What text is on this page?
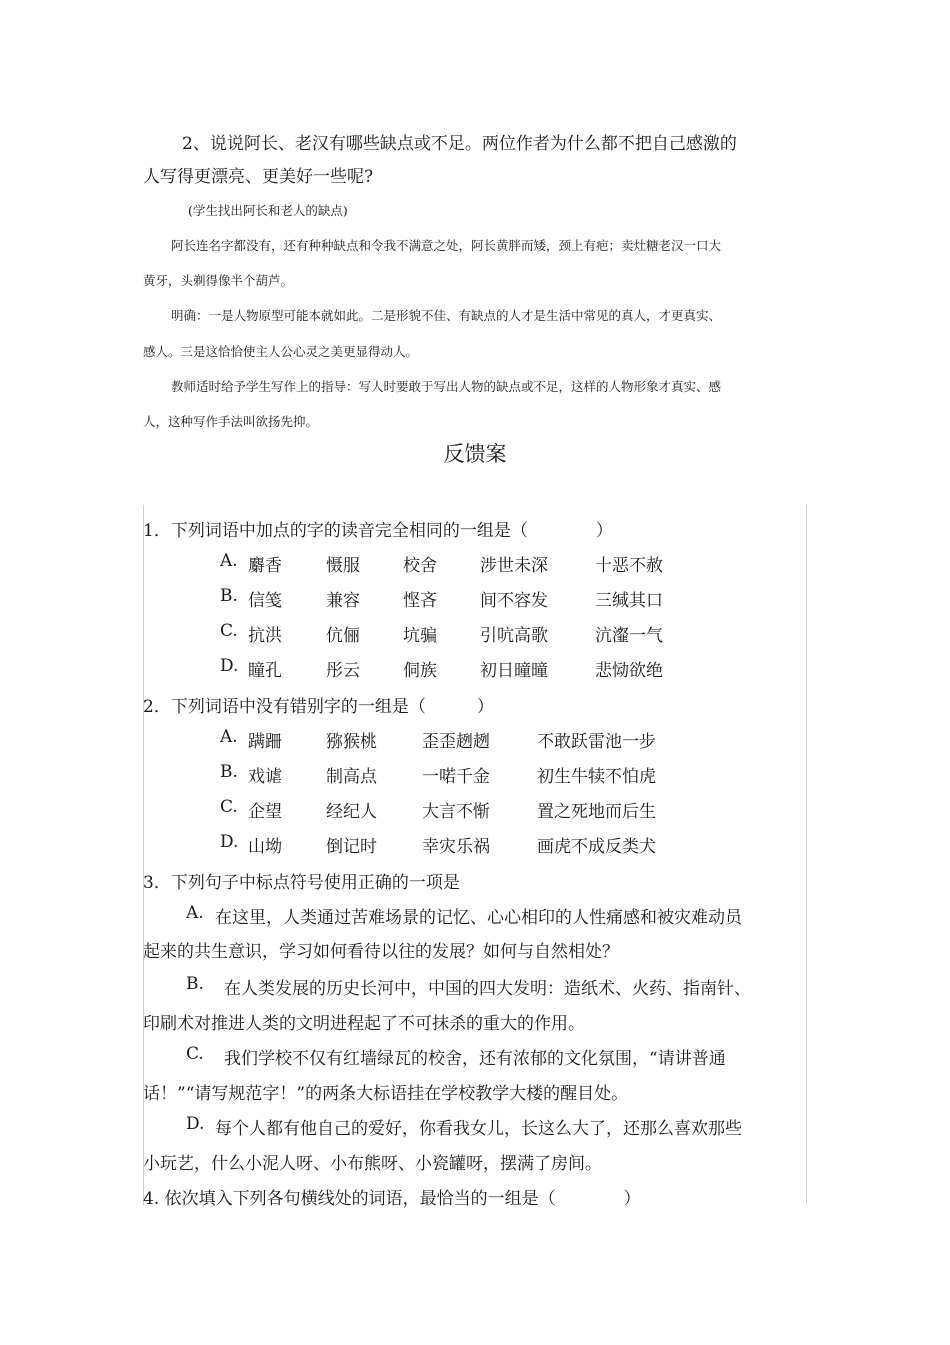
2、说说阿长、老汉有哪些缺点或不足。两位作者为什么都不把自己感激的
人写得更漂亮、更美好一些呢?
(学生找出阿长和老人的缺点)
阿长连名字都没有，还有种种缺点和令我不满意之处，阿长黄胖而矮，颈上有疤；卖灶糖老汉一口大
黄牙，头剃得像半个葫芦。
明确：一是人物原型可能本就如此。二是形貌不佳、有缺点的人才是生活中常见的真人，才更真实、
感人。三是这恰恰使主人公心灵之美更显得动人。
教师适时给予学生写作上的指导：写人时要敢于写出人物的缺点或不足，这样的人物形象才真实、感
人，这种写作手法叫欲扬先抑。
反馈案
1．下列词语中加点的字的读音完全相同的一组是（　　　　）
A. 麝香	慑服	校舍	涉世未深	十恶不赦
B. 信笺	兼容	悭吝	间不容发	三缄其口
C. 抗洪	伉俪	坑骗	引吭高歌	沆瀣一气
D. 瞳孔	彤云	侗族	初日曈曈	悲恸欲绝
2．下列词语中没有错别字的一组是（　　　）
A. 蹒跚	猕猴桃	歪歪趔趔	不敢跃雷池一步
B. 戏谑	制高点	一喏千金	初生牛犊不怕虎
C. 企望	经纪人	大言不惭	置之死地而后生
D. 山坳	倒记时	幸灾乐祸	画虎不成反类犬
3．下列句子中标点符号使用正确的一项是
A. 在这里，人类通过苦难场景的记忆、心心相印的人性痛感和被灾难动员
起来的共生意识，学习如何看待以往的发展？如何与自然相处？
B. 在人类发展的历史长河中，中国的四大发明：造纸术、火药、指南针、
印刷术对推进人类的文明进程起了不可抹杀的重大的作用。
C. 我们学校不仅有红墙绿瓦的校舍，还有浓郁的文化氛围，“请讲普通
话！”“请写规范字！”的两条大标语挂在学校教学大楼的醒目处。
D. 每个人都有他自己的爱好，你看我女儿，长这么大了，还那么喜欢那些
小玩艺，什么小泥人呀、小布熊呀、小瓷罐呀，摆满了房间。
4. 依次填入下列各句横线处的词语，最恰当的一组是（　　　　）
